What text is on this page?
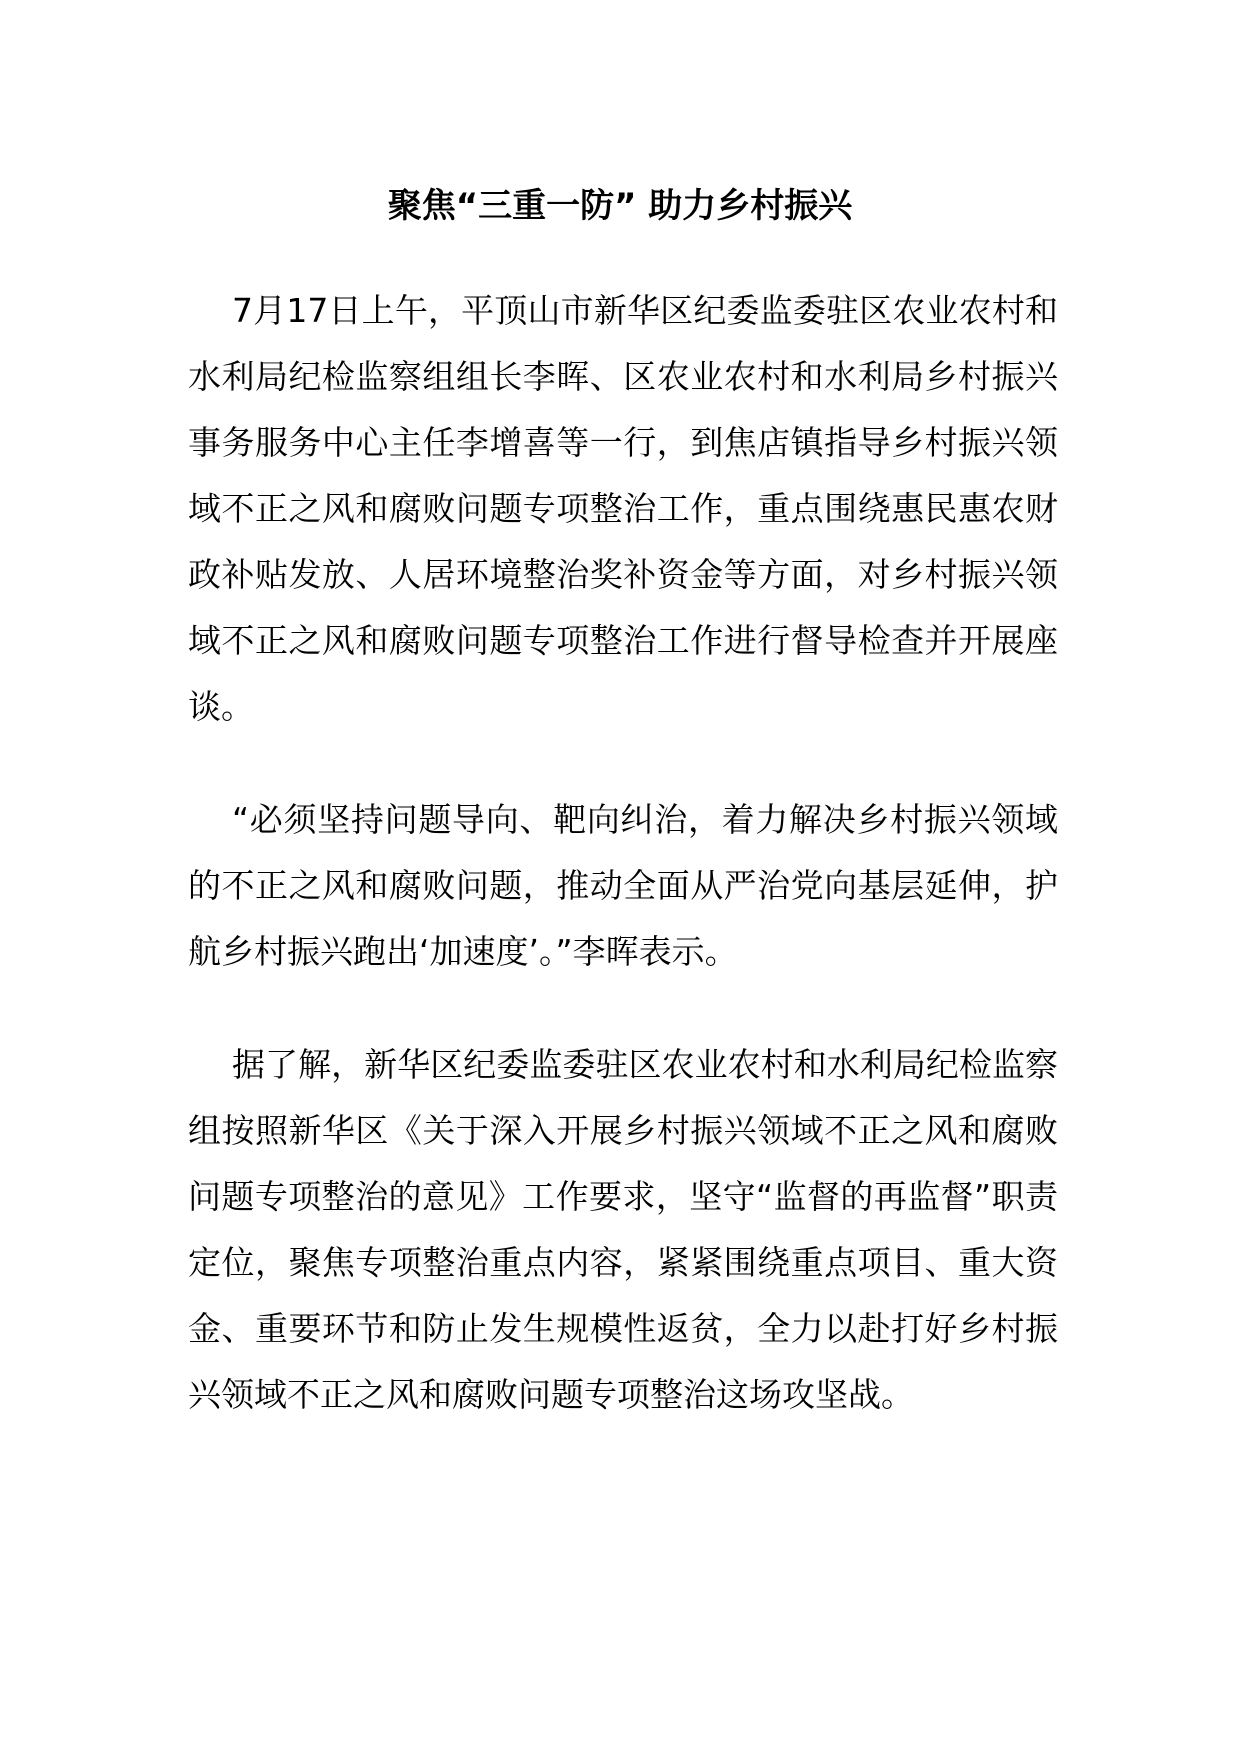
聚焦“三重一防” 助力乡村振兴

7月17日上午，平顶山市新华区纪委监委驻区农业农村和水利局纪检监察组组长李晖、区农业农村和水利局乡村振兴事务服务中心主任李增喜等一行，到焦店镇指导乡村振兴领域不正之风和腐败问题专项整治工作，重点围绕惠民惠农财政补贴发放、人居环境整治奖补资金等方面，对乡村振兴领域不正之风和腐败问题专项整治工作进行督导检查并开展座谈。

“必须坚持问题导向、靶向纠治，着力解决乡村振兴领域的不正之风和腐败问题，推动全面从严治党向基层延伸，护航乡村振兴跑出‘加速度’。”李晖表示。

据了解，新华区纪委监委驻区农业农村和水利局纪检监察组按照新华区《关于深入开展乡村振兴领域不正之风和腐败问题专项整治的意见》工作要求，坚守“监督的再监督”职责定位，聚焦专项整治重点内容，紧紧围绕重点项目、重大资金、重要环节和防止发生规模性返贫，全力以赴打好乡村振兴领域不正之风和腐败问题专项整治这场攻坚战。
